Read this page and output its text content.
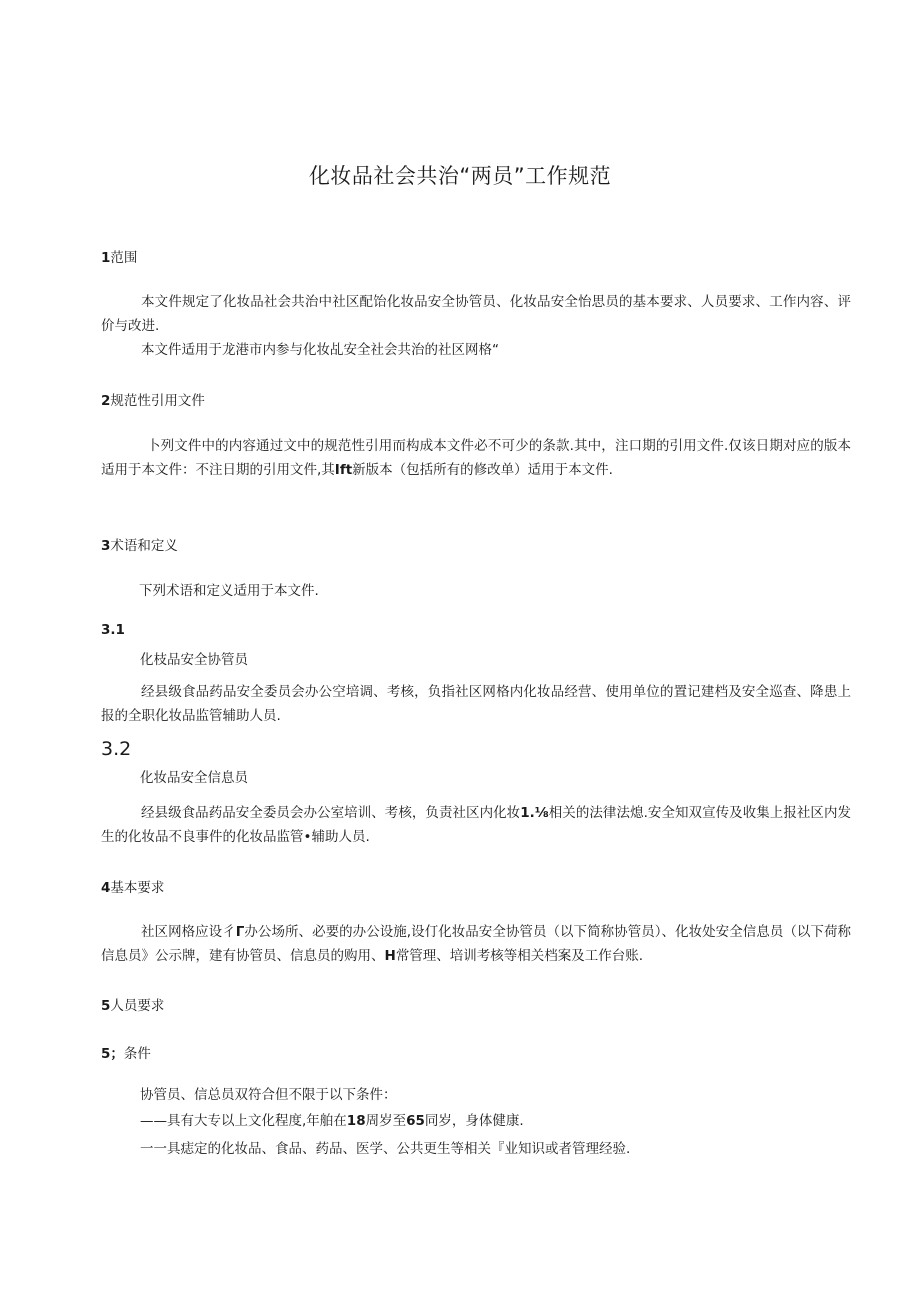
化妆品社会共治“两员”工作规范

1范围

本文件规定了化妆品社会共治中社区配饴化妆品安全协管员、化妆品安全怡思员的基本要求、人员要求、工作内容、评价与改进.

本文件适用于龙港市内参与化妆乩安全社会共治的社区网格“

2规范性引用文件

卜列文件中的内容通过文中的规范性引用而构成本文件必不可少的条款.其中，注口期的引用文件.仅该日期对应的版本适用于本文件：不注日期的引用文件,其Ift新版本（包括所有的修改单）适用于本文件.

3术语和定义

下列术语和定义适用于本文件.

3.1

化枝品安全协管员

经县级食品药品安全委员会办公空培调、考核，负指社区网格内化妆品经营、使用单位的置记建档及安全巡查、降患上报的全职化妆品监管辅助人员.

3.2

化妆品安全信息员

经县级食品药品安全委员会办公室培训、考核，负责社区内化妆1.⅛相关的法律法熄.安全知双宣传及收集上报社区内发生的化妆品不良事件的化妆品监管•辅助人员.

4基本要求

社区网格应设彳Γ办公场所、必要的办公设施,设仃化妆品安全协管员（以下简称协管员）、化妆处安全信息员（以下荷称信息员》公示牌，建有协管员、信息员的购用、H常管理、培训考核等相关档案及工作台账.

5人员要求

5；条件

协管员、信总员双符合但不限于以下条件：

——具有大专以上文化程度,年舶在18周岁至65同岁，身体健康.

一一具痣定的化妆品、食品、药品、医学、公共更生等相关『业知识或者管理经验.
